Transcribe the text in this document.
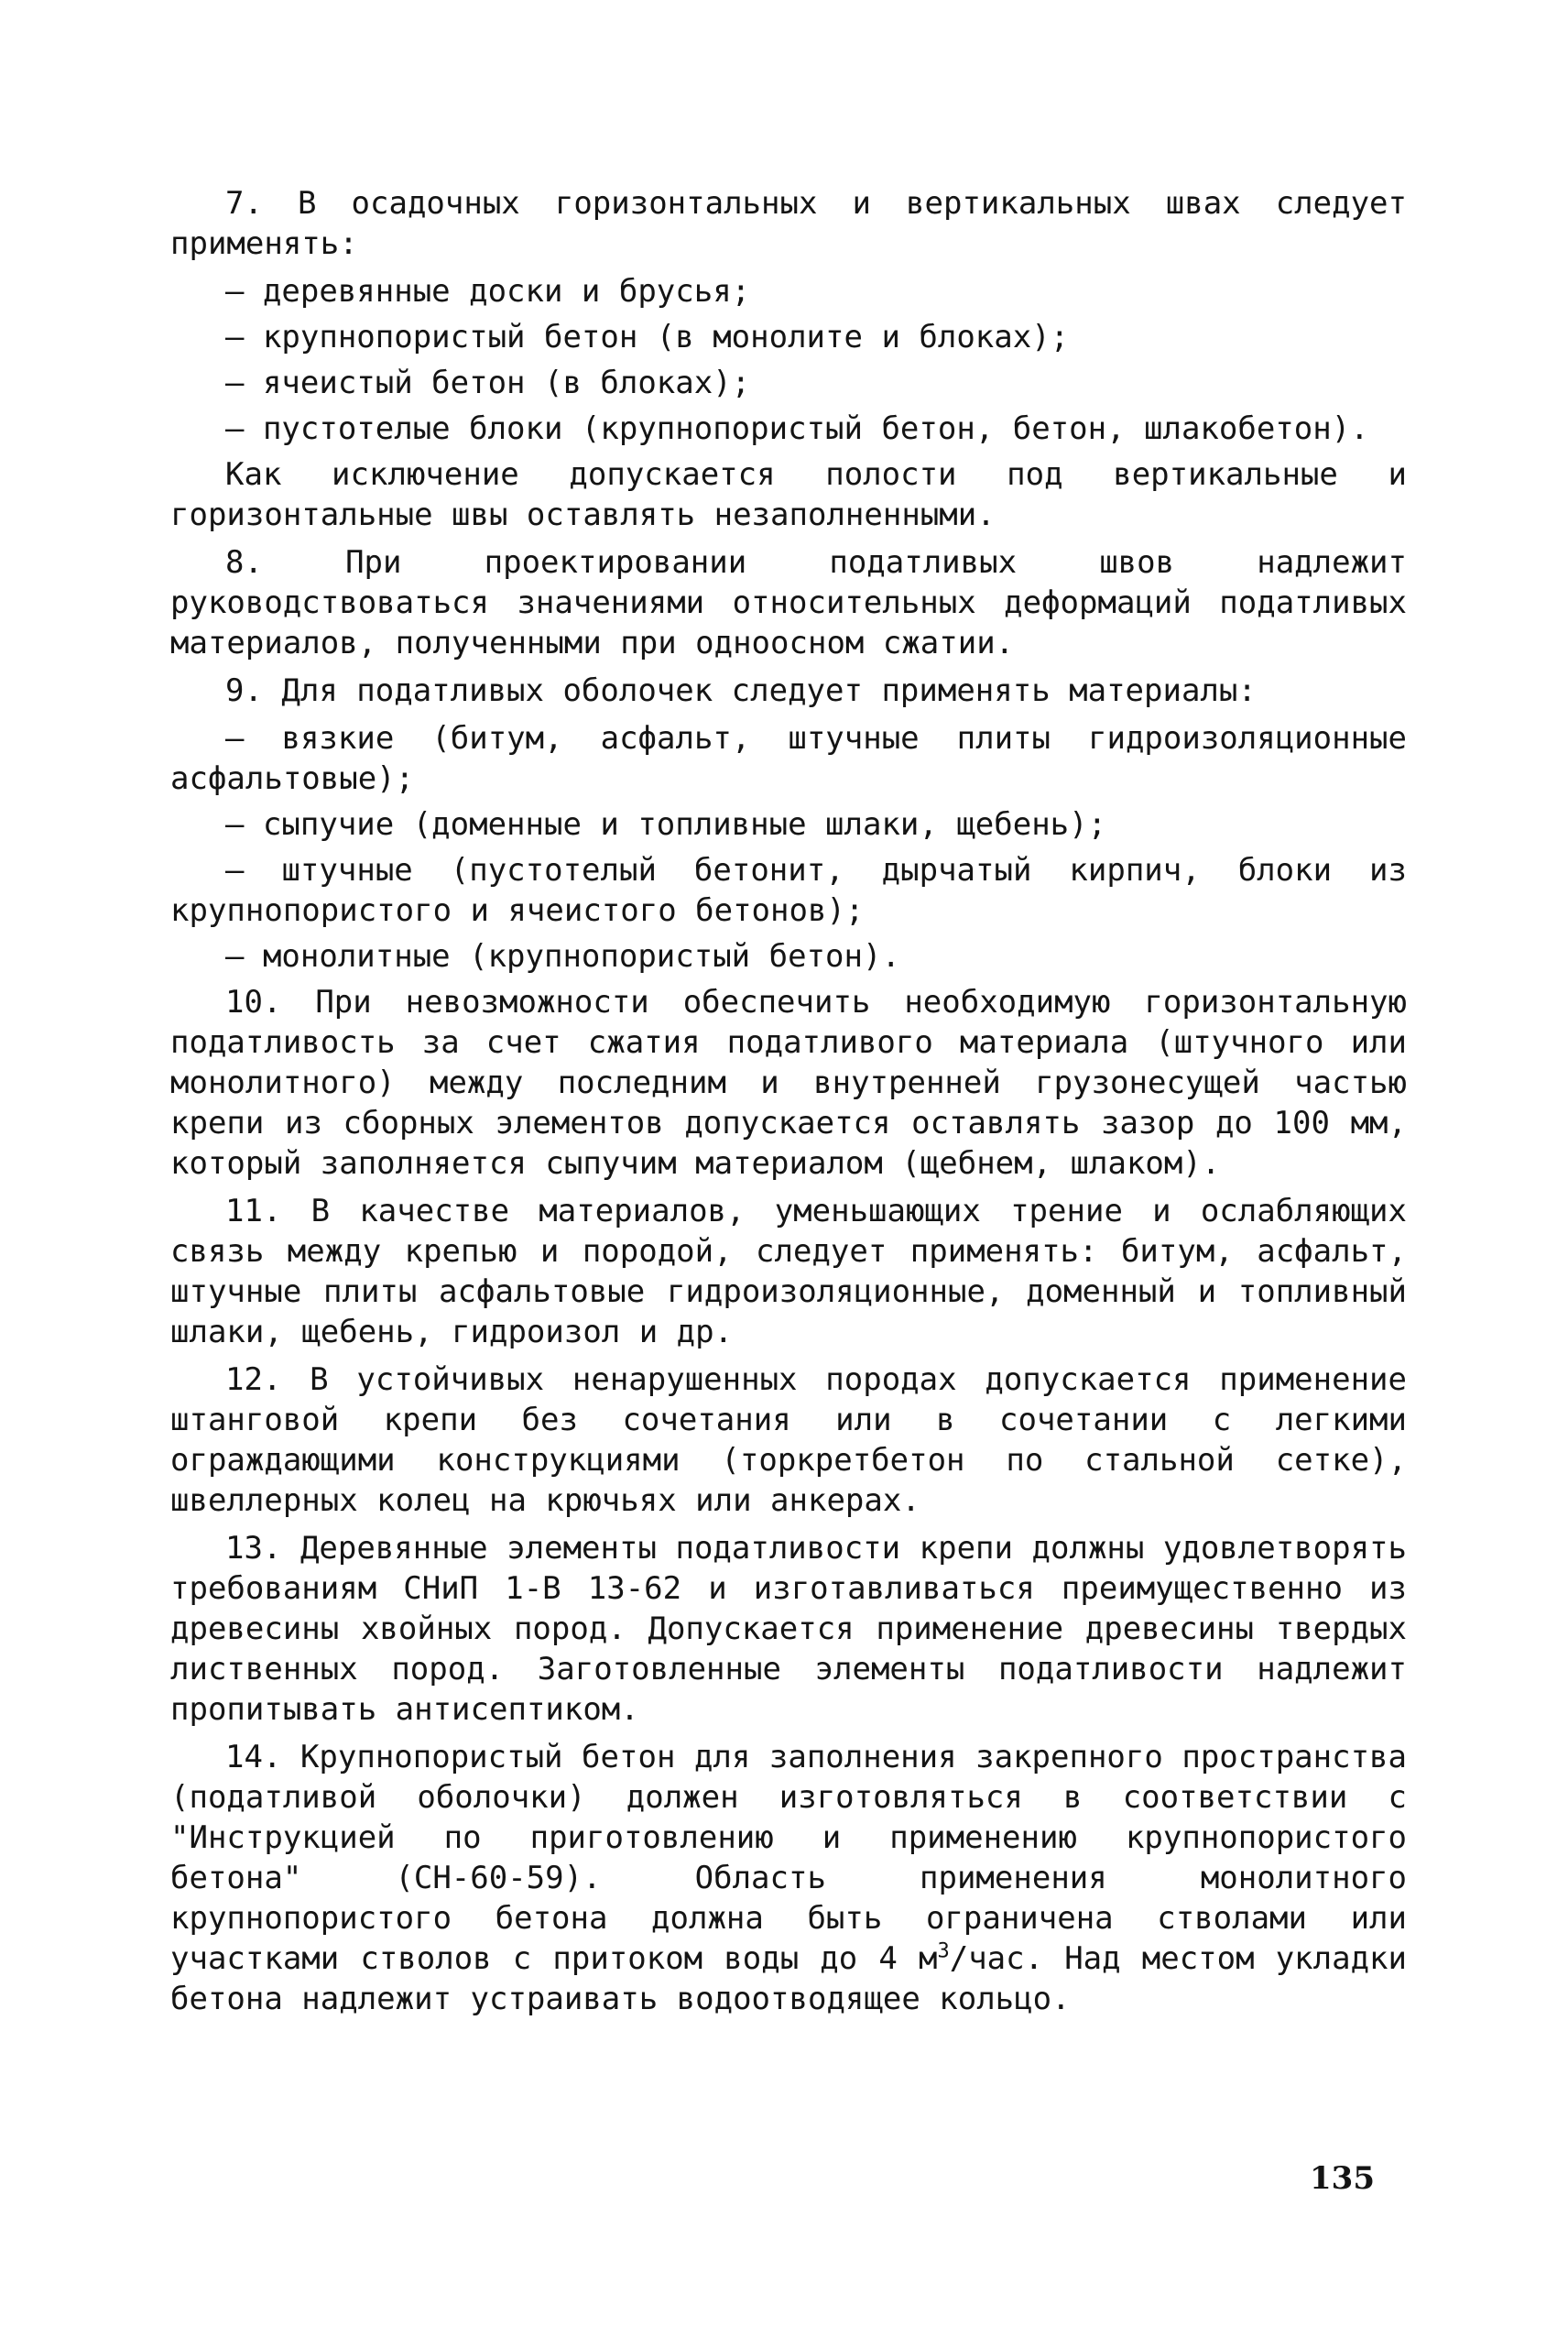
7. В осадочных горизонтальных и вертикальных швах следует применять:

– деревянные доски и брусья;

– крупнопористый бетон (в монолите и блоках);

– ячеистый бетон (в блоках);

– пустотелые блоки (крупнопористый бетон, бетон, шлакобетон).

Как исключение допускается полости под вертикальные и горизонтальные швы оставлять незаполненными.

8. При проектировании податливых швов надлежит руководствоваться значениями относительных деформаций податливых материалов, полученными при одноосном сжатии.

9. Для податливых оболочек следует применять материалы:

– вязкие (битум, асфальт, штучные плиты гидроизоляционные асфальтовые);

– сыпучие (доменные и топливные шлаки, щебень);

– штучные (пустотелый бетонит, дырчатый кирпич, блоки из крупнопористого и ячеистого бетонов);

– монолитные (крупнопористый бетон).

10. При невозможности обеспечить необходимую горизонтальную податливость за счет сжатия податливого материала (штучного или монолитного) между последним и внутренней грузонесущей частью крепи из сборных элементов допускается оставлять зазор до 100 мм, который заполняется сыпучим материалом (щебнем, шлаком).

11. В качестве материалов, уменьшающих трение и ослабляющих связь между крепью и породой, следует применять: битум, асфальт, штучные плиты асфальтовые гидроизоляционные, доменный и топливный шлаки, щебень, гидроизол и др.

12. В устойчивых ненарушенных породах допускается применение штанговой крепи без сочетания или в сочетании с легкими ограждающими конструкциями (торкретбетон по стальной сетке), швеллерных колец на крючьях или анкерах.

13. Деревянные элементы податливости крепи должны удовлетворять требованиям СНиП 1-В 13-62 и изготавливаться преимущественно из древесины хвойных пород. Допускается применение древесины твердых лиственных пород. Заготовленные элементы податливости надлежит пропитывать антисептиком.

14. Крупнопористый бетон для заполнения закрепного пространства (податливой оболочки) должен изготовляться в соответствии с "Инструкцией по приготовлению и применению крупнопористого бетона" (СН-60-59). Область применения монолитного крупнопористого бетона должна быть ограничена стволами или участками стволов с притоком воды до 4 $м^3$/час. Над местом укладки бетона надлежит устраивать водоотводящее кольцо.

135
